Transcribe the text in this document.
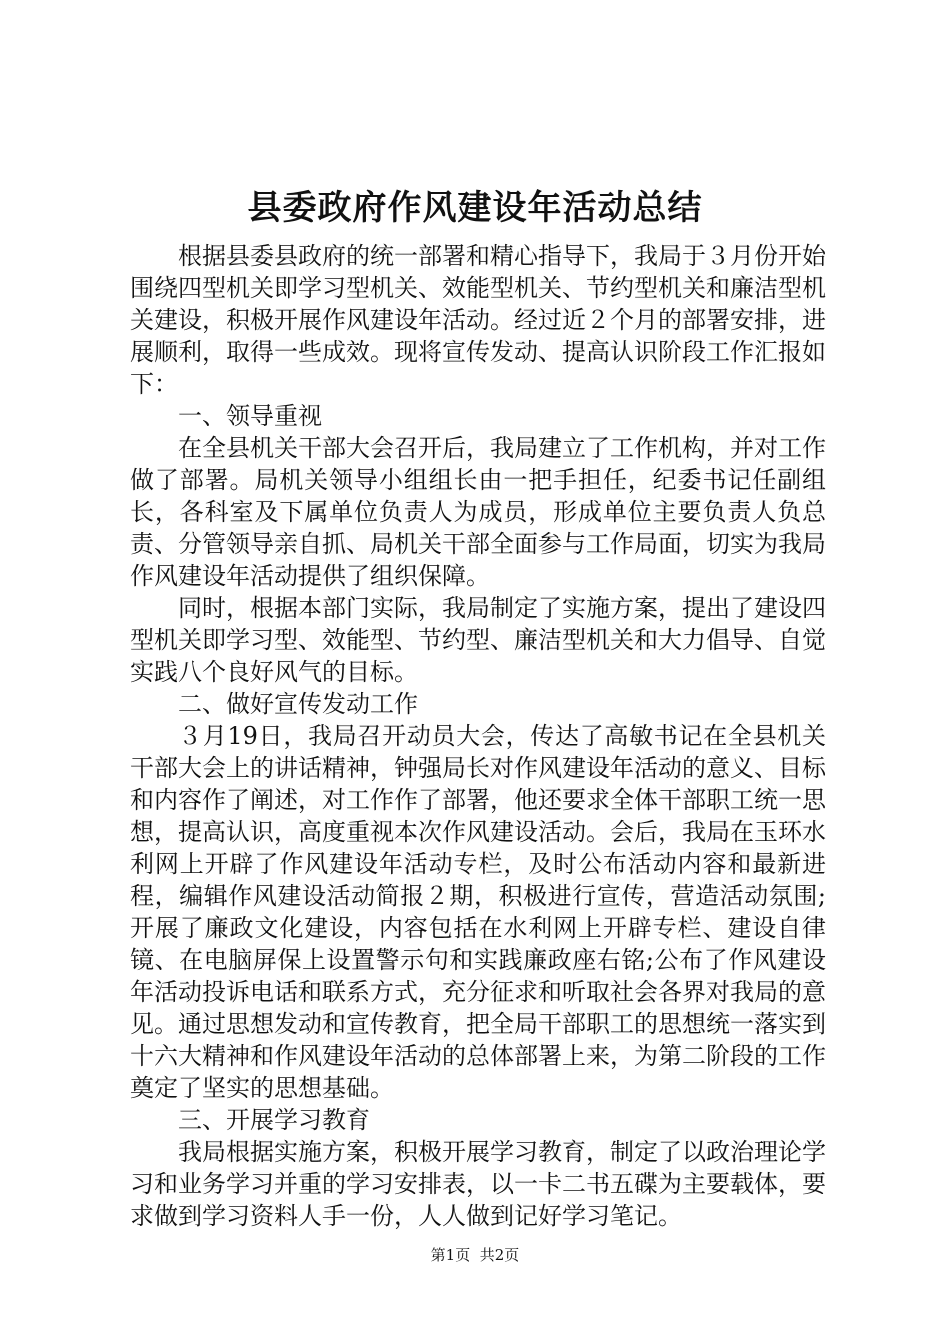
县委政府作风建设年活动总结

根据县委县政府的统一部署和精心指导下，我局于３月份开始围绕四型机关即学习型机关、效能型机关、节约型机关和廉洁型机关建设，积极开展作风建设年活动。经过近２个月的部署安排，进展顺利，取得一些成效。现将宣传发动、提高认识阶段工作汇报如下：

一、领导重视

在全县机关干部大会召开后，我局建立了工作机构，并对工作做了部署。局机关领导小组组长由一把手担任，纪委书记任副组长，各科室及下属单位负责人为成员，形成单位主要负责人负总责、分管领导亲自抓、局机关干部全面参与工作局面，切实为我局作风建设年活动提供了组织保障。

同时，根据本部门实际，我局制定了实施方案，提出了建设四型机关即学习型、效能型、节约型、廉洁型机关和大力倡导、自觉实践八个良好风气的目标。

二、做好宣传发动工作

３月19日，我局召开动员大会，传达了高敏书记在全县机关干部大会上的讲话精神，钟强局长对作风建设年活动的意义、目标和内容作了阐述，对工作作了部署，他还要求全体干部职工统一思想，提高认识，高度重视本次作风建设活动。会后，我局在玉环水利网上开辟了作风建设年活动专栏，及时公布活动内容和最新进程，编辑作风建设活动简报２期，积极进行宣传，营造活动氛围;开展了廉政文化建设，内容包括在水利网上开辟专栏、建设自律镜、在电脑屏保上设置警示句和实践廉政座右铭;公布了作风建设年活动投诉电话和联系方式，充分征求和听取社会各界对我局的意见。通过思想发动和宣传教育，把全局干部职工的思想统一落实到十六大精神和作风建设年活动的总体部署上来，为第二阶段的工作奠定了坚实的思想基础。

三、开展学习教育

我局根据实施方案，积极开展学习教育，制定了以政治理论学习和业务学习并重的学习安排表，以一卡二书五碟为主要载体，要求做到学习资料人手一份，人人做到记好学习笔记。

第1页 共2页
